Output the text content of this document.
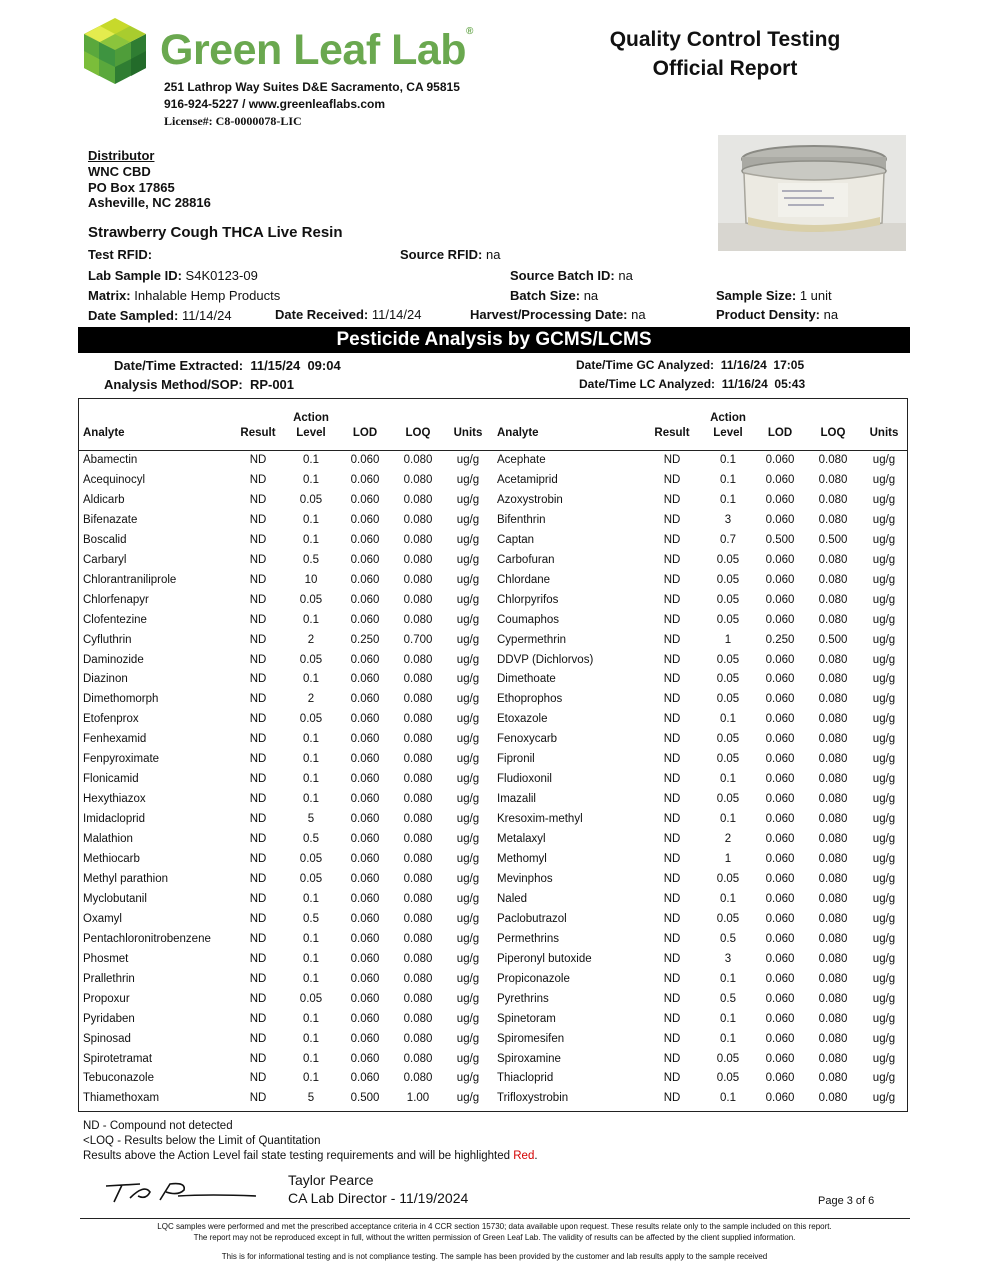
Green Leaf Lab®
251 Lathrop Way Suites D&E Sacramento, CA 95815
916-924-5227 / www.greenleaflabs.com
License#: C8-0000078-LIC
Quality Control Testing
Official Report
Distributor
WNC CBD
PO Box 17865
Asheville, NC 28816
Strawberry Cough THCA Live Resin
Test RFID:	Source RFID: na
Lab Sample ID: S4K0123-09	Source Batch ID: na
Matrix: Inhalable Hemp Products	Batch Size: na	Sample Size: 1 unit
Date Sampled: 11/14/24	Date Received: 11/14/24	Harvest/Processing Date: na	Product Density: na
Pesticide Analysis by GCMS/LCMS
Date/Time Extracted: 11/15/24  09:04
Analysis Method/SOP: RP-001
Date/Time GC Analyzed: 11/16/24  17:05
Date/Time LC Analyzed: 11/16/24  05:43
Analyte	Result
Action
Level	LOD	LOQ	Units
Abamectin	ND	0.1	0.060	0.080	ug/g
Acequinocyl	ND	0.1	0.060	0.080	ug/g
Aldicarb	ND	0.05	0.060	0.080	ug/g
Bifenazate	ND	0.1	0.060	0.080	ug/g
Boscalid	ND	0.1	0.060	0.080	ug/g
Carbaryl	ND	0.5	0.060	0.080	ug/g
Chlorantraniliprole	ND	10	0.060	0.080	ug/g
Chlorfenapyr	ND	0.05	0.060	0.080	ug/g
Clofentezine	ND	0.1	0.060	0.080	ug/g
Cyfluthrin	ND	2	0.250	0.700	ug/g
Daminozide	ND	0.05	0.060	0.080	ug/g
Diazinon	ND	0.1	0.060	0.080	ug/g
Dimethomorph	ND	2	0.060	0.080	ug/g
Etofenprox	ND	0.05	0.060	0.080	ug/g
Fenhexamid	ND	0.1	0.060	0.080	ug/g
Fenpyroximate	ND	0.1	0.060	0.080	ug/g
Flonicamid	ND	0.1	0.060	0.080	ug/g
Hexythiazox	ND	0.1	0.060	0.080	ug/g
Imidacloprid	ND	5	0.060	0.080	ug/g
Malathion	ND	0.5	0.060	0.080	ug/g
Methiocarb	ND	0.05	0.060	0.080	ug/g
Methyl parathion	ND	0.05	0.060	0.080	ug/g
Myclobutanil	ND	0.1	0.060	0.080	ug/g
Oxamyl	ND	0.5	0.060	0.080	ug/g
Pentachloronitrobenzene	ND	0.1	0.060	0.080	ug/g
Phosmet	ND	0.1	0.060	0.080	ug/g
Prallethrin	ND	0.1	0.060	0.080	ug/g
Propoxur	ND	0.05	0.060	0.080	ug/g
Pyridaben	ND	0.1	0.060	0.080	ug/g
Spinosad	ND	0.1	0.060	0.080	ug/g
Spirotetramat	ND	0.1	0.060	0.080	ug/g
Tebuconazole	ND	0.1	0.060	0.080	ug/g
Thiamethoxam	ND	5	0.500	1.00	ug/g
Analyte	Result
Action
Level	LOD	LOQ	Units
Acephate	ND	0.1	0.060	0.080	ug/g
Acetamiprid	ND	0.1	0.060	0.080	ug/g
Azoxystrobin	ND	0.1	0.060	0.080	ug/g
Bifenthrin	ND	3	0.060	0.080	ug/g
Captan	ND	0.7	0.500	0.500	ug/g
Carbofuran	ND	0.05	0.060	0.080	ug/g
Chlordane	ND	0.05	0.060	0.080	ug/g
Chlorpyrifos	ND	0.05	0.060	0.080	ug/g
Coumaphos	ND	0.05	0.060	0.080	ug/g
Cypermethrin	ND	1	0.250	0.500	ug/g
DDVP (Dichlorvos)	ND	0.05	0.060	0.080	ug/g
Dimethoate	ND	0.05	0.060	0.080	ug/g
Ethoprophos	ND	0.05	0.060	0.080	ug/g
Etoxazole	ND	0.1	0.060	0.080	ug/g
Fenoxycarb	ND	0.05	0.060	0.080	ug/g
Fipronil	ND	0.05	0.060	0.080	ug/g
Fludioxonil	ND	0.1	0.060	0.080	ug/g
Imazalil	ND	0.05	0.060	0.080	ug/g
Kresoxim-methyl	ND	0.1	0.060	0.080	ug/g
Metalaxyl	ND	2	0.060	0.080	ug/g
Methomyl	ND	1	0.060	0.080	ug/g
Mevinphos	ND	0.05	0.060	0.080	ug/g
Naled	ND	0.1	0.060	0.080	ug/g
Paclobutrazol	ND	0.05	0.060	0.080	ug/g
Permethrins	ND	0.5	0.060	0.080	ug/g
Piperonyl butoxide	ND	3	0.060	0.080	ug/g
Propiconazole	ND	0.1	0.060	0.080	ug/g
Pyrethrins	ND	0.5	0.060	0.080	ug/g
Spinetoram	ND	0.1	0.060	0.080	ug/g
Spiromesifen	ND	0.1	0.060	0.080	ug/g
Spiroxamine	ND	0.05	0.060	0.080	ug/g
Thiacloprid	ND	0.05	0.060	0.080	ug/g
Trifloxystrobin	ND	0.1	0.060	0.080	ug/g
ND - Compound not detected
<LOQ - Results below the Limit of Quantitation
Results above the Action Level fail state testing requirements and will be highlighted Red.
Taylor Pearce
CA Lab Director - 11/19/2024	Page 3 of 6
LQC samples were performed and met the prescribed acceptance criteria in 4 CCR section 15730; data available upon request. These results relate only to the sample included on this report.
The report may not be reproduced except in full, without the written permission of Green Leaf Lab. The validity of results can be affected by the client supplied information.
This is for informational testing and is not compliance testing. The sample has been provided by the customer and lab results apply to the sample received
